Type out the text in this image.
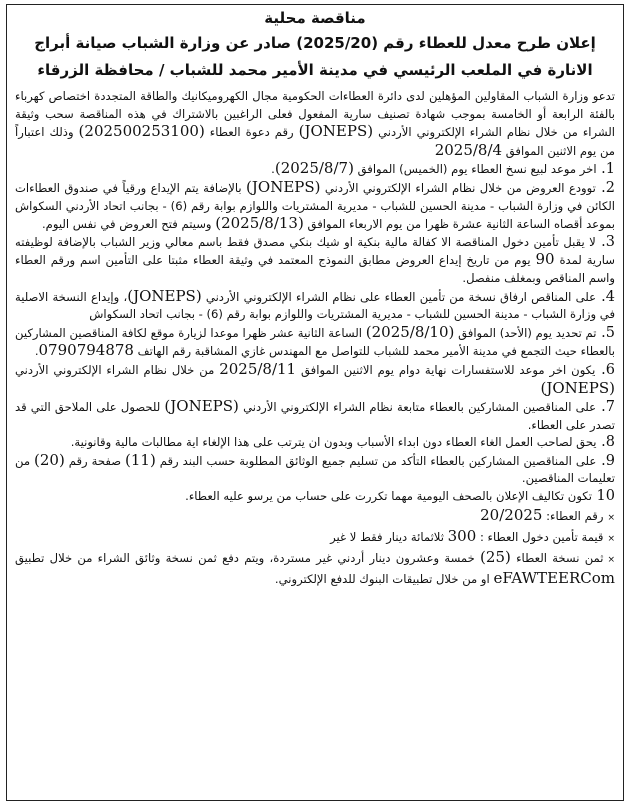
مناقصة محلية
إعلان طرح معدل للعطاء رقم (2025/20) صادر عن وزارة الشباب صيانة أبراج الانارة في الملعب الرئيسي في مدينة الأمير محمد للشباب / محافظة الزرقاء

تدعو وزارة الشباب المقاولين المؤهلين لدى دائرة العطاءات الحكومية مجال الكهروميكانيك والطاقة المتجددة اختصاص كهرباء بالفئة الرابعة أو الخامسة بموجب شهادة تصنيف سارية المفعول فعلى الراغبين بالاشتراك في هذه المناقصة سحب وثيقة الشراء من خلال نظام الشراء الإلكتروني الأردني (JONEPS) رقم دعوة العطاء (202500253100) وذلك اعتباراً من يوم الاثنين الموافق 2025/8/4

1. اخر موعد لبيع نسخ العطاء يوم (الخميس) الموافق (2025/8/7).

2. توودع العروض من خلال نظام الشراء الإلكتروني الأردني (JONEPS) بالإضافة يتم الإيداع ورقياً في صندوق العطاءات الكائن في وزارة الشباب - مدينة الحسين للشباب - مديرية المشتريات واللوازم بوابة رقم (6) - بجانب اتحاد الأردني السكواش بموعد أقصاه الساعة الثانية عشرة ظهرا من يوم الاربعاء الموافق (2025/8/13) وسيتم فتح العروض في نفس اليوم.

3. لا يقبل تأمين دخول المناقصة الا كفالة مالية بنكية او شيك بنكي مصدق فقط باسم معالي وزير الشباب بالإضافة لوظيفته سارية لمدة 90 يوم من تاريخ إيداع العروض مطابق النموذج المعتمد في وثيقة العطاء مثبتا على التأمين اسم ورقم العطاء واسم المناقص وبمغلف منفصل.

4. على المناقص ارفاق نسخة من تأمين العطاء على نظام الشراء الإلكتروني الأردني (JONEPS)، وإيداع النسخة الاصلية في وزارة الشباب - مدينة الحسين للشباب - مديرية المشتريات واللوازم بوابة رقم (6) - بجانب اتحاد السكواش

5. تم تحديد يوم (الأحد) الموافق (2025/8/10) الساعة الثانية عشر ظهرا موعدا لزيارة موقع لكافة المناقصين المشاركين بالعطاء حيث التجمع في مدينة الأمير محمد للشباب للتواصل مع المهندس غازي المشاقبة رقم الهاتف 0790794878.

6. يكون اخر موعد للاستفسارات نهاية دوام يوم الاثنين الموافق 2025/8/11 من خلال نظام الشراء الإلكتروني الأردني (JONEPS)

7. على المناقصين المشاركين بالعطاء متابعة نظام الشراء الإلكتروني الأردني (JONEPS) للحصول على الملاحق التي قد تصدر على العطاء.

8. يحق لصاحب العمل الغاء العطاء دون ابداء الأسباب وبدون ان يترتب على هذا الإلغاء اية مطالبات مالية وقانونية.

9. على المناقصين المشاركين بالعطاء التأكد من تسليم جميع الوثائق المطلوبة حسب البند رقم (11) صفحة رقم (20) من تعليمات المناقصين.

10 تكون تكاليف الإعلان بالصحف اليومية مهما تكررت على حساب من يرسو عليه العطاء.

×رقم العطاء: 20/2025
×قيمة تأمين دخول العطاء : 300 ثلاثمائة دينار فقط لا غير
×ثمن نسخة العطاء (25) خمسة وعشرون دينار أردني غير مستردة، ويتم دفع ثمن نسخة وثائق الشراء من خلال تطبيق eFAWTEERCom او من خلال تطبيقات البنوك للدفع الإلكتروني.
